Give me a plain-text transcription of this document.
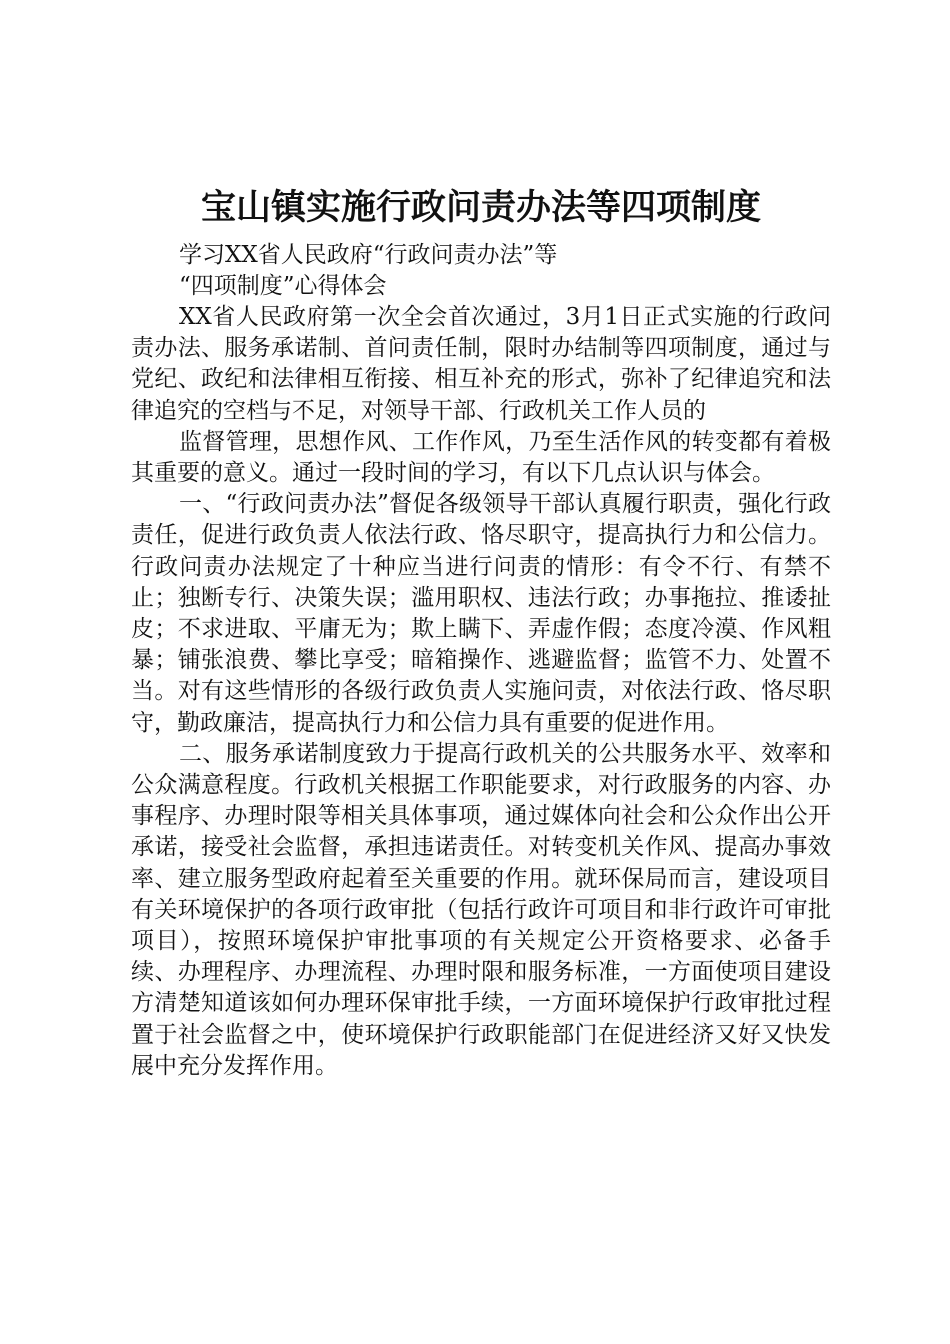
宝山镇实施行政问责办法等四项制度

学习XX省人民政府“行政问责办法”等

“四项制度”心得体会

XX省人民政府第一次全会首次通过，3月1日正式实施的行政问责办法、服务承诺制、首问责任制，限时办结制等四项制度，通过与党纪、政纪和法律相互衔接、相互补充的形式，弥补了纪律追究和法律追究的空档与不足，对领导干部、行政机关工作人员的

监督管理，思想作风、工作作风，乃至生活作风的转变都有着极其重要的意义。通过一段时间的学习，有以下几点认识与体会。

一、“行政问责办法”督促各级领导干部认真履行职责，强化行政责任，促进行政负责人依法行政、恪尽职守，提高执行力和公信力。行政问责办法规定了十种应当进行问责的情形：有令不行、有禁不止；独断专行、决策失误；滥用职权、违法行政；办事拖拉、推诿扯皮；不求进取、平庸无为；欺上瞒下、弄虚作假；态度冷漠、作风粗暴；铺张浪费、攀比享受；暗箱操作、逃避监督；监管不力、处置不当。对有这些情形的各级行政负责人实施问责，对依法行政、恪尽职守，勤政廉洁，提高执行力和公信力具有重要的促进作用。

二、服务承诺制度致力于提高行政机关的公共服务水平、效率和公众满意程度。行政机关根据工作职能要求，对行政服务的内容、办事程序、办理时限等相关具体事项，通过媒体向社会和公众作出公开承诺，接受社会监督，承担违诺责任。对转变机关作风、提高办事效率、建立服务型政府起着至关重要的作用。就环保局而言，建设项目有关环境保护的各项行政审批（包括行政许可项目和非行政许可审批项目），按照环境保护审批事项的有关规定公开资格要求、必备手续、办理程序、办理流程、办理时限和服务标准，一方面使项目建设方清楚知道该如何办理环保审批手续，一方面环境保护行政审批过程置于社会监督之中，使环境保护行政职能部门在促进经济又好又快发展中充分发挥作用。
